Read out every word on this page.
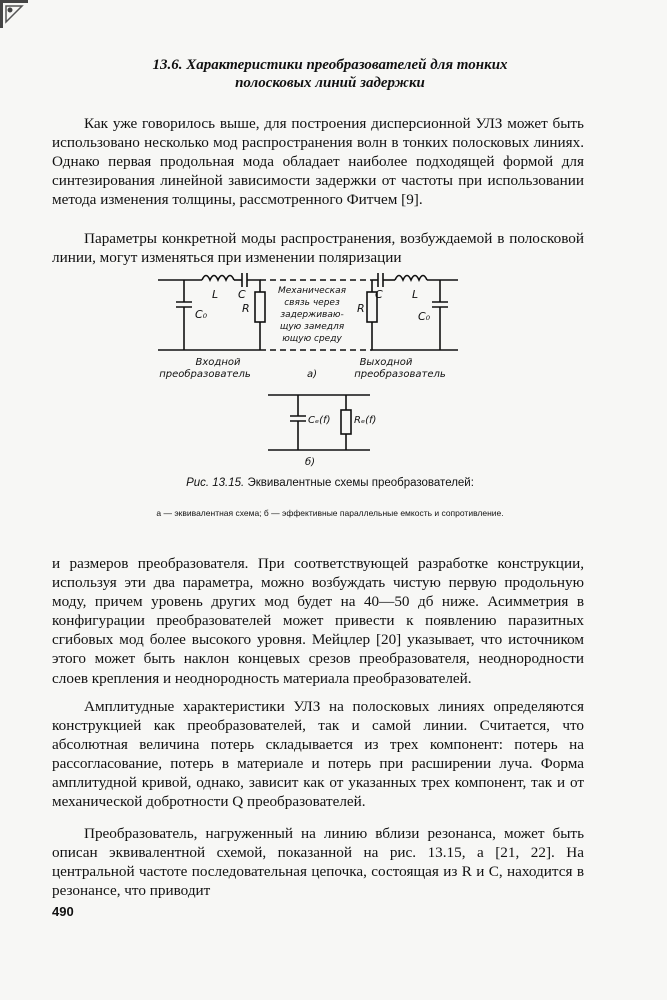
13.6. Характеристики преобразователей для тонких
полосковых линий задержки
Как уже говорилось выше, для построения дисперсионной УЛЗ может быть использовано несколько мод распространения волн в тонких полосковых линиях. Однако первая продольная мода обладает наиболее подходящей формой для синтезирования линейной зависимости задержки от частоты при использовании метода изменения толщины, рассмотренного Фитчем [9].
Параметры конкретной моды распространения, возбуждаемой в полосковой линии, могут изменяться при изменении поляризации
L C
C₀	R
C	L
R
C₀
Механическая
связь через
задерживаю-
щую замедля
ющую среду
Входной
преобразователь
Выходной
преобразователь
а)
Cₑ(f) Rₑ(f)
б)
Рис. 13.15. Эквивалентные схемы преобразователей:
а — эквивалентная схема; б — эффективные параллельные емкость и сопротивление.
и размеров преобразователя. При соответствующей разработке конструкции, используя эти два параметра, можно возбуждать чистую первую продольную моду, причем уровень других мод будет на 40—50 дб ниже. Асимметрия в конфигурации преобразователей может привести к появлению паразитных сгибовых мод более высокого уровня. Мейцлер [20] указывает, что источником этого может быть наклон концевых срезов преобразователя, неоднородности слоев крепления и неоднородность материала преобразователей.
Амплитудные характеристики УЛЗ на полосковых линиях определяются конструкцией как преобразователей, так и самой линии. Считается, что абсолютная величина потерь складывается из трех компонент: потерь на рассогласование, потерь в материале и потерь при расширении луча. Форма амплитудной кривой, однако, зависит как от указанных трех компонент, так и от механической добротности Q преобразователей.
Преобразователь, нагруженный на линию вблизи резонанса, может быть описан эквивалентной схемой, показанной на рис. 13.15, а [21, 22]. На центральной частоте последовательная цепочка, состоящая из R и C, находится в резонансе, что приводит
490
